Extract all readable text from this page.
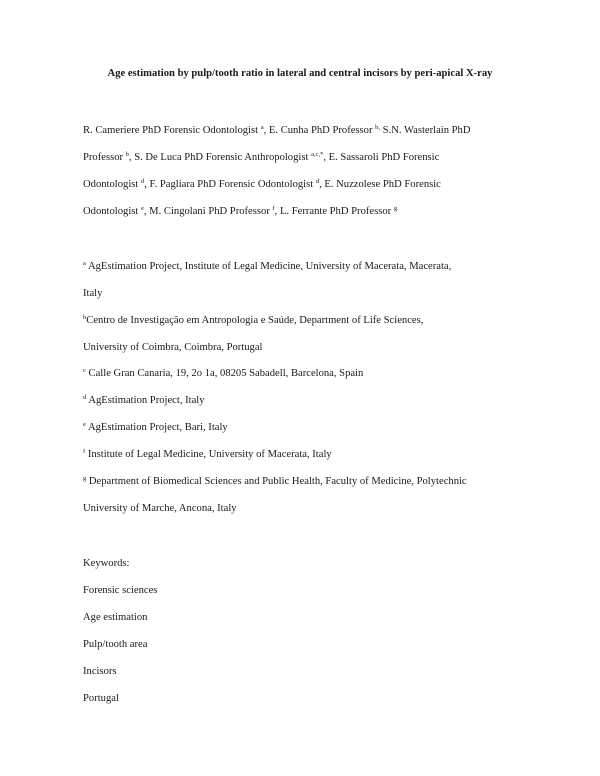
Age estimation by pulp/tooth ratio in lateral and central incisors by peri-apical X-ray
R. Cameriere PhD Forensic Odontologist $^a$, E. Cunha PhD Professor $^{b,}$ S.N. Wasterlain PhD
Professor $^b$, S. De Luca PhD Forensic Anthropologist $^{a,c,*}$, E. Sassaroli PhD Forensic
Odontologist $^d$, F. Pagliara PhD Forensic Odontologist $^d$, E. Nuzzolese PhD Forensic
Odontologist $^e$, M. Cingolani PhD Professor $^f$, L. Ferrante PhD Professor $^g$
$^a$ AgEstimation Project, Institute of Legal Medicine, University of Macerata, Macerata,
Italy
$^b$Centro de Investigação em Antropologia e Saúde, Department of Life Sciences,
University of Coimbra, Coimbra, Portugal
$^c$ Calle Gran Canaria, 19, 2o 1a, 08205 Sabadell, Barcelona, Spain
$^d$ AgEstimation Project, Italy
$^e$ AgEstimation Project, Bari, Italy
$^f$ Institute of Legal Medicine, University of Macerata, Italy
$^g$ Department of Biomedical Sciences and Public Health, Faculty of Medicine, Polytechnic
University of Marche, Ancona, Italy
Keywords:
Forensic sciences
Age estimation
Pulp/tooth area
Incisors
Portugal
